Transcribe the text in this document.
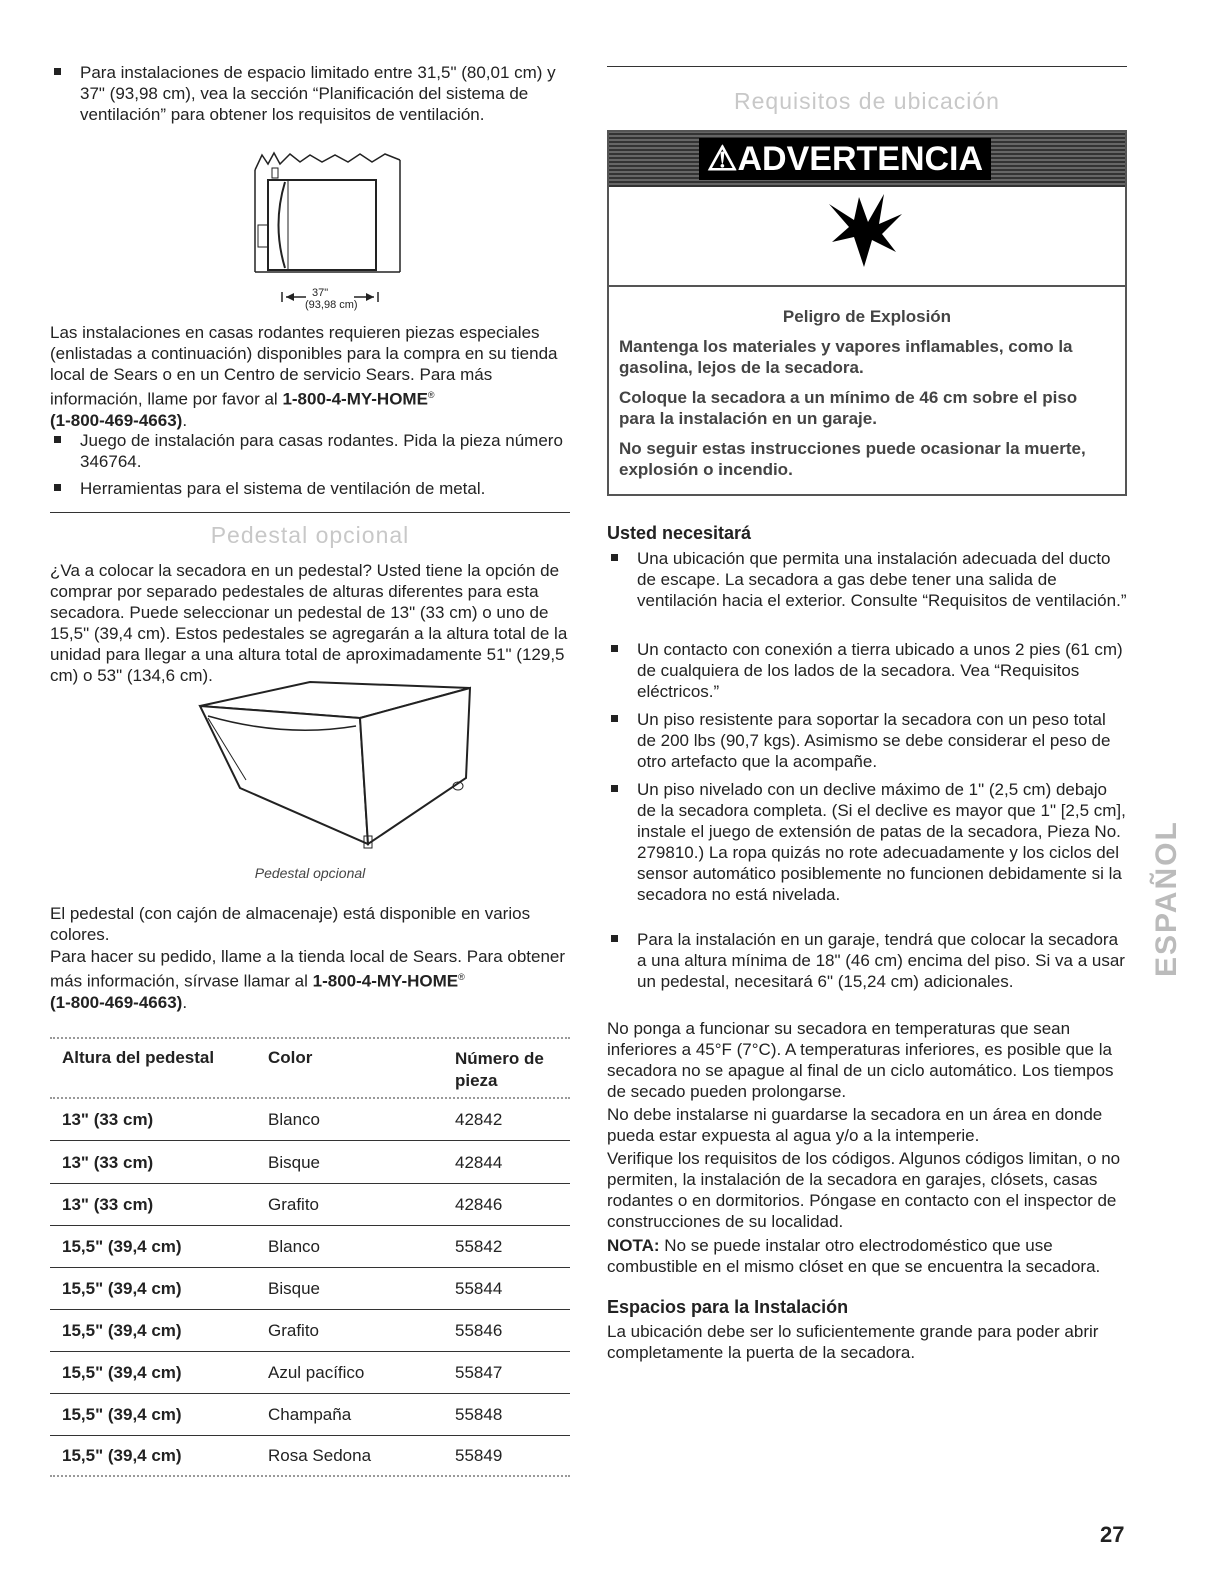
Para instalaciones de espacio limitado entre 31,5" (80,01 cm) y 37" (93,98 cm), vea la sección “Planificación del sistema de ventilación” para obtener los requisitos de ventilación.

37"
(93,98 cm)

Las instalaciones en casas rodantes requieren piezas especiales (enlistadas a continuación) disponibles para la compra en su tienda local de Sears o en un Centro de servicio Sears. Para más información, llame por favor al 1-800-4-MY-HOME®
(1-800-469-4663).

Juego de instalación para casas rodantes. Pida la pieza número 346764.

Herramientas para el sistema de ventilación de metal.

Pedestal opcional

¿Va a colocar la secadora en un pedestal? Usted tiene la opción de comprar por separado pedestales de alturas diferentes para esta secadora. Puede seleccionar un pedestal de 13" (33 cm) o uno de 15,5" (39,4 cm). Estos pedestales se agregarán a la altura total de la unidad para llegar a una altura total de aproximadamente 51" (129,5 cm) o 53" (134,6 cm).

Pedestal opcional

El pedestal (con cajón de almacenaje) está disponible en varios colores.

Para hacer su pedido, llame a la tienda local de Sears. Para obtener más información, sírvase llamar al 1-800-4-MY-HOME®
(1-800-469-4663).

Altura del pedestal	Color	Número de pieza
13" (33 cm)	Blanco	42842
13" (33 cm)	Bisque	42844
13" (33 cm)	Grafito	42846
15,5" (39,4 cm)	Blanco	55842
15,5" (39,4 cm)	Bisque	55844
15,5" (39,4 cm)	Grafito	55846
15,5" (39,4 cm)	Azul pacífico	55847
15,5" (39,4 cm)	Champaña	55848
15,5" (39,4 cm)	Rosa Sedona	55849
Requisitos de ubicación
⚠ADVERTENCIA
Peligro de Explosión

Mantenga los materiales y vapores inflamables, como la gasolina, lejos de la secadora.

Coloque la secadora a un mínimo de 46 cm sobre el piso para la instalación en un garaje.

No seguir estas instrucciones puede ocasionar la muerte, explosión o incendio.

Usted necesitará

Una ubicación que permita una instalación adecuada del ducto de escape. La secadora a gas debe tener una salida de ventilación hacia el exterior. Consulte “Requisitos de ventilación.”

Un contacto con conexión a tierra ubicado a unos 2 pies (61 cm) de cualquiera de los lados de la secadora. Vea “Requisitos eléctricos.”

Un piso resistente para soportar la secadora con un peso total de 200 lbs (90,7 kgs). Asimismo se debe considerar el peso de otro artefacto que la acompañe.

Un piso nivelado con un declive máximo de 1" (2,5 cm) debajo de la secadora completa. (Si el declive es mayor que 1" [2,5 cm], instale el juego de extensión de patas de la secadora, Pieza No. 279810.) La ropa quizás no rote adecuadamente y los ciclos del sensor automático posiblemente no funcionen debidamente si la secadora no está nivelada.

Para la instalación en un garaje, tendrá que colocar la secadora a una altura mínima de 18" (46 cm) encima del piso. Si va a usar un pedestal, necesitará 6" (15,24 cm) adicionales.

No ponga a funcionar su secadora en temperaturas que sean inferiores a 45°F (7°C). A temperaturas inferiores, es posible que la secadora no se apague al final de un ciclo automático. Los tiempos de secado pueden prolongarse.

No debe instalarse ni guardarse la secadora en un área en donde pueda estar expuesta al agua y/o a la intemperie.

Verifique los requisitos de los códigos. Algunos códigos limitan, o no permiten, la instalación de la secadora en garajes, clósets, casas rodantes o en dormitorios. Póngase en contacto con el inspector de construcciones de su localidad.

NOTA: No se puede instalar otro electrodoméstico que use combustible en el mismo clóset en que se encuentra la secadora.

Espacios para la Instalación

La ubicación debe ser lo suficientemente grande para poder abrir completamente la puerta de la secadora.

ESPAÑOL
27
